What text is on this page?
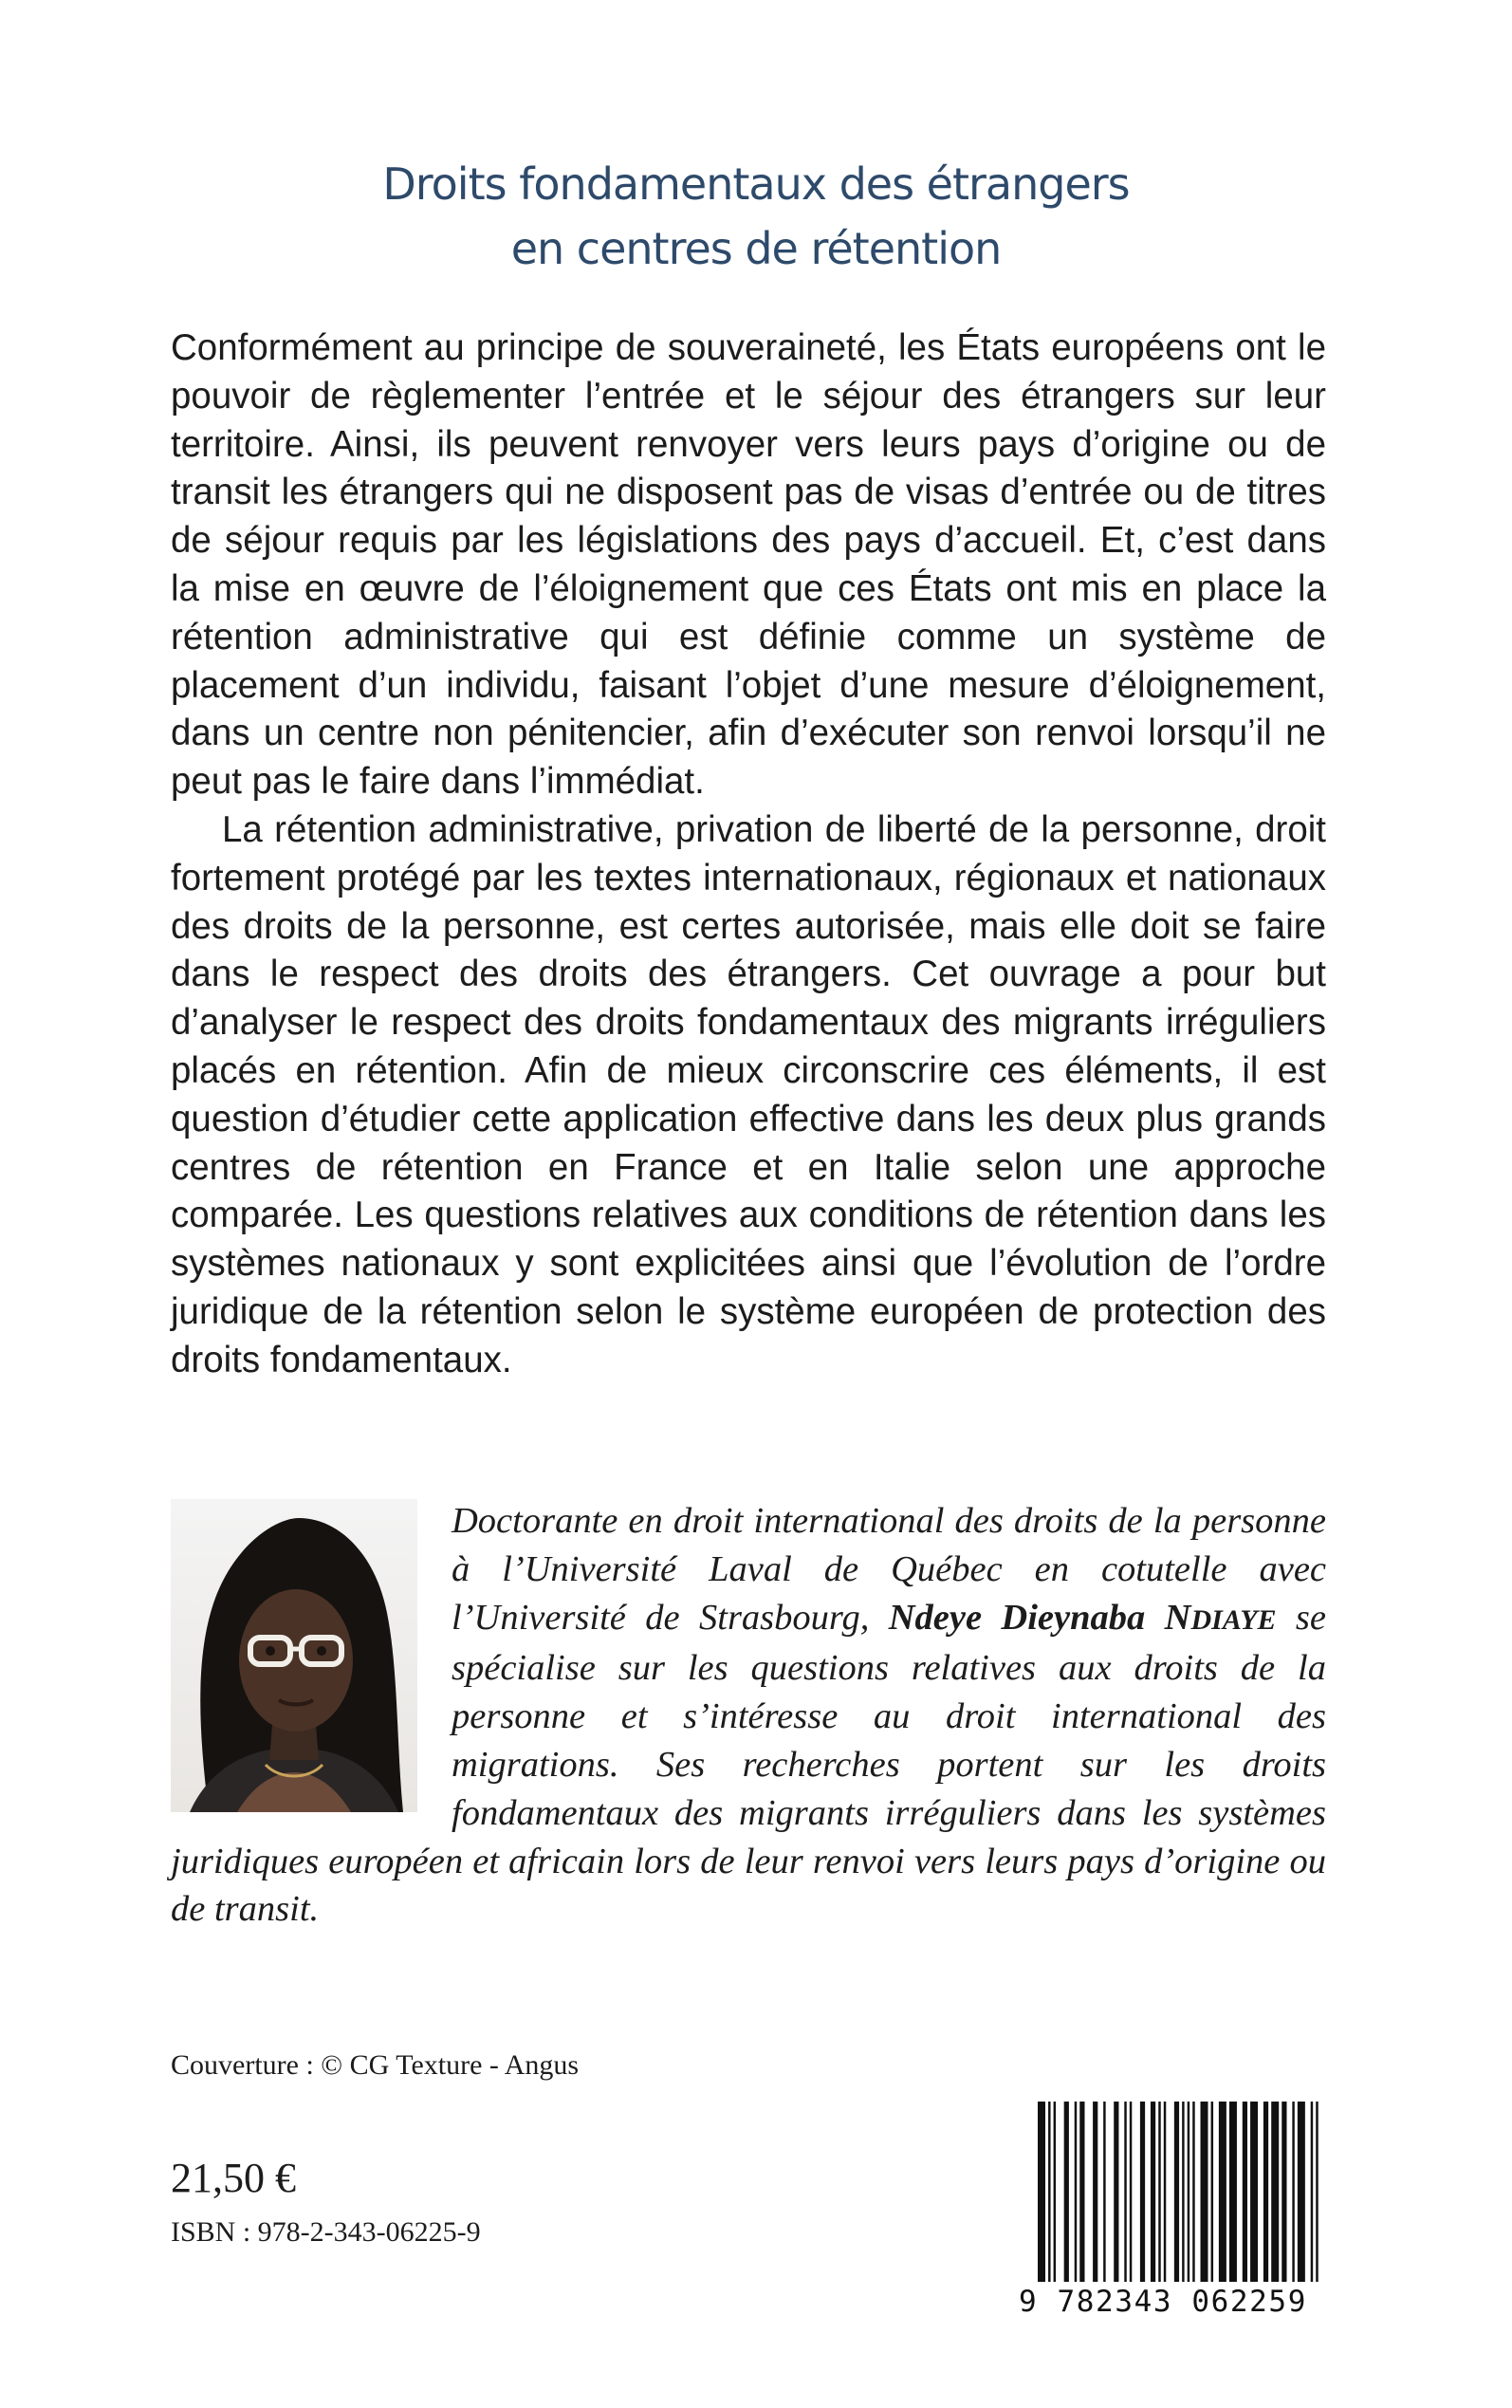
Droits fondamentaux des étrangers
en centres de rétention

Conformément au principe de souveraineté, les États européens ont le pouvoir de règlementer l’entrée et le séjour des étrangers sur leur territoire. Ainsi, ils peuvent renvoyer vers leurs pays d’origine ou de transit les étrangers qui ne disposent pas de visas d’entrée ou de titres de séjour requis par les législations des pays d’accueil. Et, c’est dans la mise en œuvre de l’éloignement que ces États ont mis en place la rétention administrative qui est définie comme un système de placement d’un individu, faisant l’objet d’une mesure d’éloignement, dans un centre non pénitencier, afin d’exécuter son renvoi lorsqu’il ne peut pas le faire dans l’immédiat.

La rétention administrative, privation de liberté de la personne, droit fortement protégé par les textes internationaux, régionaux et nationaux des droits de la personne, est certes autorisée, mais elle doit se faire dans le respect des droits des étrangers. Cet ouvrage a pour but d’analyser le respect des droits fondamentaux des migrants irréguliers placés en rétention. Afin de mieux circonscrire ces éléments, il est question d’étudier cette application effective dans les deux plus grands centres de rétention en France et en Italie selon une approche comparée. Les questions relatives aux conditions de rétention dans les systèmes nationaux y sont explicitées ainsi que l’évolution de l’ordre juridique de la rétention selon le système européen de protection des droits fondamentaux.

Doctorante en droit international des droits de la personne à l’Université Laval de Québec en cotutelle avec l’Université de Strasbourg, Ndeye Dieynaba NDIAYE se spécialise sur les questions relatives aux droits de la personne et s’intéresse au droit international des migrations. Ses recherches portent sur les droits fondamentaux des migrants irréguliers dans les systèmes juridiques européen et africain lors de leur renvoi vers leurs pays d’origine ou de transit.
Couverture : © CG Texture - Angus
21,50 €
ISBN : 978-2-343-06225-9
9 782343 062259
